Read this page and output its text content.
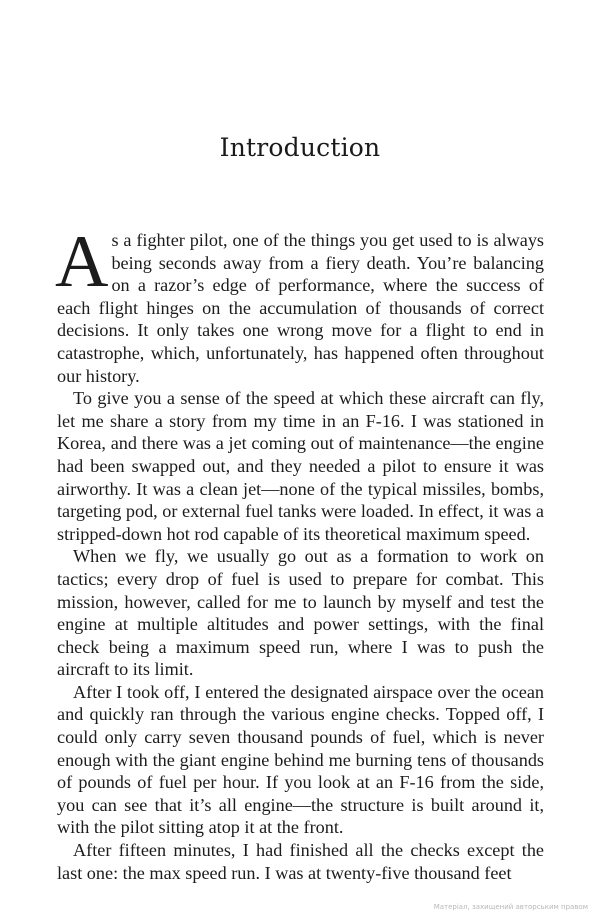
Introduction

As a fighter pilot, one of the things you get used to is always being seconds away from a fiery death. You’re balancing on a razor’s edge of performance, where the success of each flight hinges on the accumulation of thousands of correct decisions. It only takes one wrong move for a flight to end in catastrophe, which, unfortunately, has happened often throughout our history.

To give you a sense of the speed at which these aircraft can fly, let me share a story from my time in an F-16. I was stationed in Korea, and there was a jet coming out of maintenance—the engine had been swapped out, and they needed a pilot to ensure it was airworthy. It was a clean jet—none of the typical missiles, bombs, targeting pod, or external fuel tanks were loaded. In effect, it was a stripped-down hot rod capable of its theoretical maximum speed.

When we fly, we usually go out as a formation to work on tactics; every drop of fuel is used to prepare for combat. This mission, however, called for me to launch by myself and test the engine at multiple altitudes and power settings, with the final check being a maximum speed run, where I was to push the aircraft to its limit.

After I took off, I entered the designated airspace over the ocean and quickly ran through the various engine checks. Topped off, I could only carry seven thousand pounds of fuel, which is never enough with the giant engine behind me burning tens of thousands of pounds of fuel per hour. If you look at an F-16 from the side, you can see that it’s all engine—the structure is built around it, with the pilot sitting atop it at the front.

After fifteen minutes, I had finished all the checks except the last one: the max speed run. I was at twenty-five thousand feet

Матеріал, захищений авторським правом
